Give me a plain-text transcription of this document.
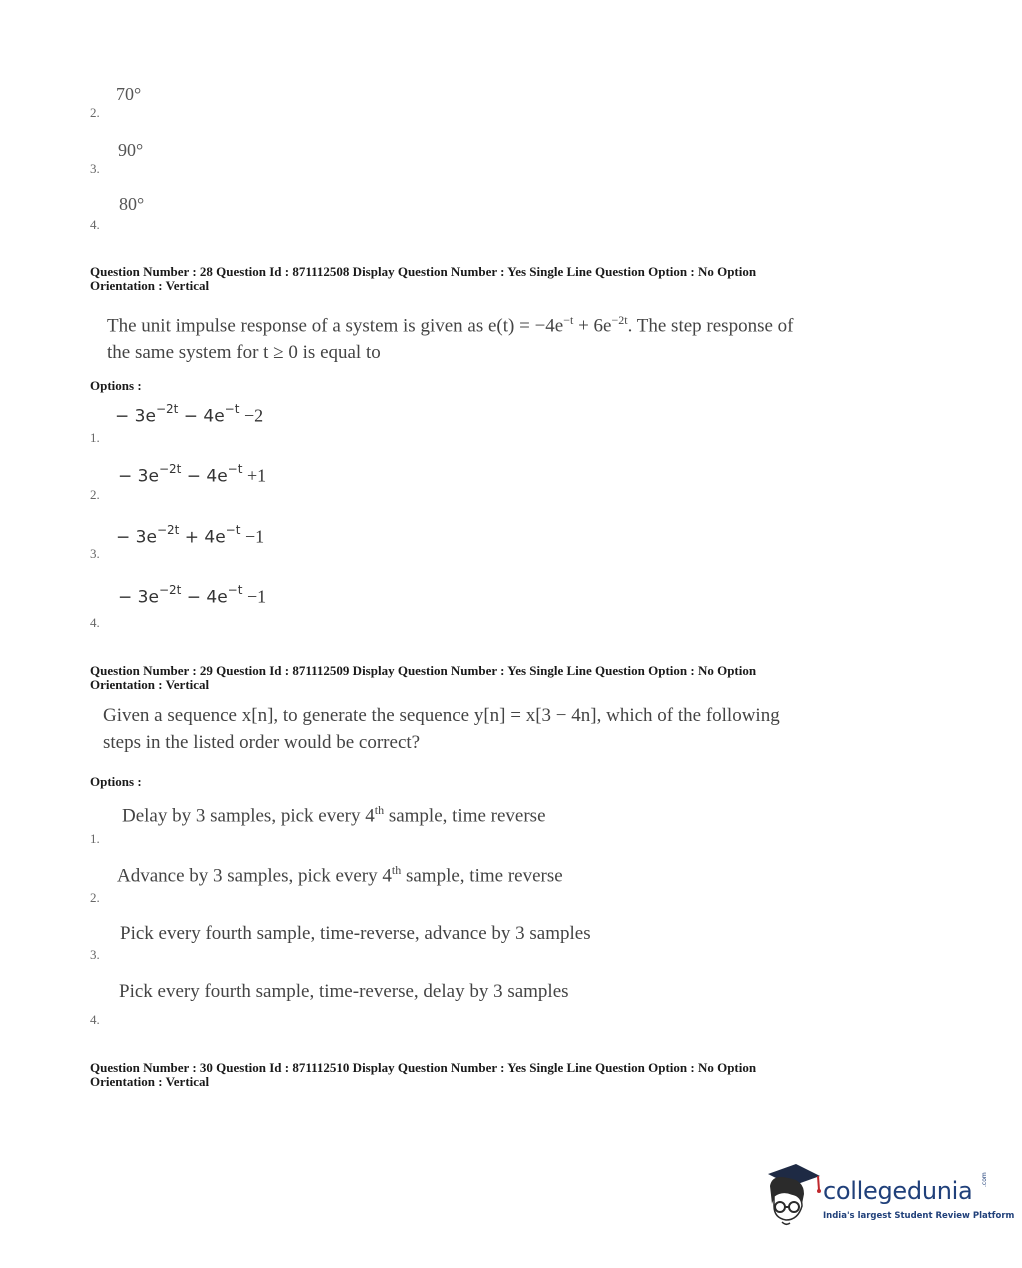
70°
2.
90°
3.
80°
4.
Question Number : 28 Question Id : 871112508 Display Question Number : Yes Single Line Question Option : No Option
Orientation : Vertical
The unit impulse response of a system is given as $e(t) = -4e^{-t} + 6e^{-2t}$. The step response of
the same system for t ≥ 0 is equal to
Options :
− $3e^{-2t} - 4e^{-t} -2$
1.
− $3e^{-2t} - 4e^{-t} +1$
2.
− $3e^{-2t} + 4e^{-t} -1$
3.
− $3e^{-2t} - 4e^{-t} -1$
4.
Question Number : 29 Question Id : 871112509 Display Question Number : Yes Single Line Question Option : No Option
Orientation : Vertical
Given a sequence x[n], to generate the sequence y[n] = x[3 − 4n], which of the following
steps in the listed order would be correct?
Options :
Delay by 3 samples, pick every 4th sample, time reverse
1.
Advance by 3 samples, pick every 4th sample, time reverse
2.
Pick every fourth sample, time-reverse, advance by 3 samples
3.
Pick every fourth sample, time-reverse, delay by 3 samples
4.
Question Number : 30 Question Id : 871112510 Display Question Number : Yes Single Line Question Option : No Option
Orientation : Vertical
collegedunia .com
India's largest Student Review Platform
